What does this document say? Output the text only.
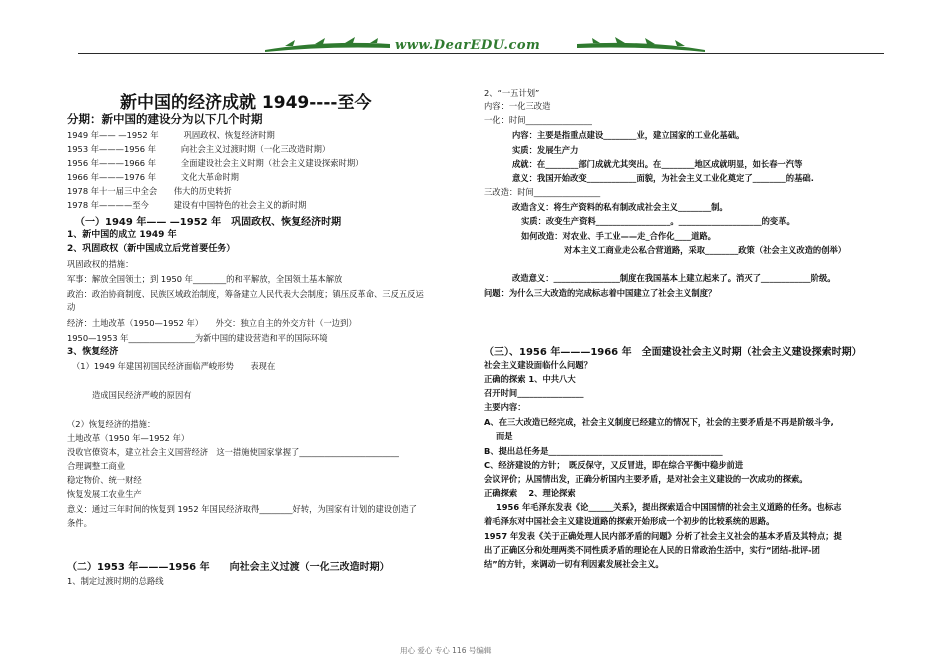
www.DearEDU.com
新中国的经济成就 1949----至今
分期：新中国的建设分为以下几个时期
1949 年—— —1952 年　　　巩固政权、恢复经济时期
1953 年———1956 年　　　向社会主义过渡时期（一化三改造时期）
1956 年———1966 年　　　全面建设社会主义时期（社会主义建设探索时期）
1966 年———1976 年　　　文化大革命时期
1978 年十一届三中全会　　伟大的历史转折
1978 年————至今　　　建设有中国特色的社会主义的新时期
（一）1949 年—— —1952 年　巩固政权、恢复经济时期
1、新中国的成立 1949 年
2、巩固政权（新中国成立后党首要任务）
巩固政权的措施：
军事：解放全国领土；到 1950 年________的和平解放，全国领土基本解放
政治：政治协商制度、民族区域政治制度，筹备建立人民代表大会制度；镇压反革命、三反五反运
动
经济：土地改革（1950—1952 年）　　外交：独立自主的外交方针（一边到）
1950—1953 年________________为新中国的建设营造和平的国际环境
3、恢复经济
（1）1949 年建国初国民经济面临严峻形势　　表现在
造成国民经济严峻的原因有
（2）恢复经济的措施：
土地改革（1950 年—1952 年）
没收官僚资本，建立社会主义国营经济　这一措施使国家掌握了________________________
合理调整工商业
稳定物价、统一财经
恢复发展工农业生产
意义：通过三年时间的恢复到 1952 年国民经济取得________好转，为国家有计划的建设创造了
条件。
（二）1953 年———1956 年　　向社会主义过渡（一化三改造时期）
1、制定过渡时期的总路线
2、“一五计划”
内容：一化三改造
一化：时间________________
内容：主要是指重点建设________业，建立国家的工业化基础。
实质：发展生产力
成就：在________部门成就尤其突出。在________地区成就明显，如长春一汽等
意义：我国开始改变____________面貌，为社会主义工业化奠定了________的基础.
三改造：时间________________
改造含义：将生产资料的私有制改成社会主义________制。
实质：改变生产资料__________________。____________________的变革。
如何改造：对农业、手工业——走_合作化____道路。
对本主义工商业走公私合营道路，采取________政策（社会主义改造的创举）
改造意义：________________制度在我国基本上建立起来了。消灭了____________阶级。
问题：为什么三大改造的完成标志着中国建立了社会主义制度？
（三）、1956 年———1966 年　全面建设社会主义时期（社会主义建设探索时期）
社会主义建设面临什么问题？
正确的探索 1、中共八大
召开时间________________
主要内容：
A、在三大改造已经完成，社会主义制度已经建立的情况下，社会的主要矛盾是不再是阶级斗争,
而是
B、提出总任务是__________________________________________
C、经济建设的方针；　既反保守，又反冒进，即在综合平衡中稳步前进
会议评价；从国情出发，正确分析国内主要矛盾，是对社会主义建设的一次成功的探索。
正确探索　 2、理论探索
1956 年毛泽东发表《论______关系》，提出探索适合中国国情的社会主义道路的任务。也标志
着毛泽东对中国社会主义建设道路的探索开始形成一个初步的比较系统的思路。
1957 年发表《关于正确处理人民内部矛盾的问题》分析了社会主义社会的基本矛盾及其特点；提
出了正确区分和处理两类不同性质矛盾的理论在人民的日常政治生活中，实行“团结-批评-团
结”的方针，来调动一切有利因素发展社会主义。
用心 爱心 专心 116 号编辑
